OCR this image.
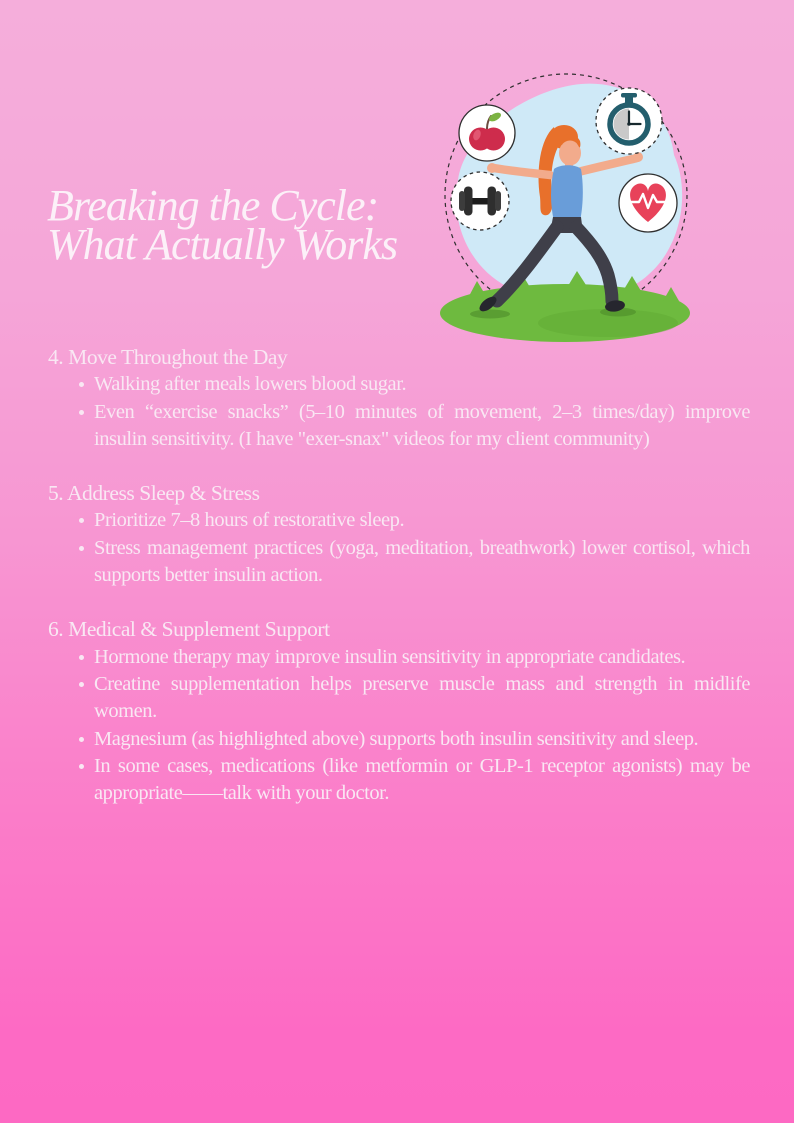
Breaking the Cycle:
What Actually Works
4. Move Throughout the Day
Walking after meals lowers blood sugar.
Even “exercise snacks” (5–10 minutes of movement, 2–3 times/day) improve insulin sensitivity. (I have "exer-snax" videos for my client community)
5. Address Sleep & Stress
Prioritize 7–8 hours of restorative sleep.
Stress management practices (yoga, meditation, breathwork) lower cortisol, which supports better insulin action.
6. Medical & Supplement Support
Hormone therapy may improve insulin sensitivity in appropriate candidates.
Creatine supplementation helps preserve muscle mass and strength in midlife women.
Magnesium (as highlighted above) supports both insulin sensitivity and sleep.
In some cases, medications (like metformin or GLP-1 receptor agonists) may be appropriate——talk with your doctor.
